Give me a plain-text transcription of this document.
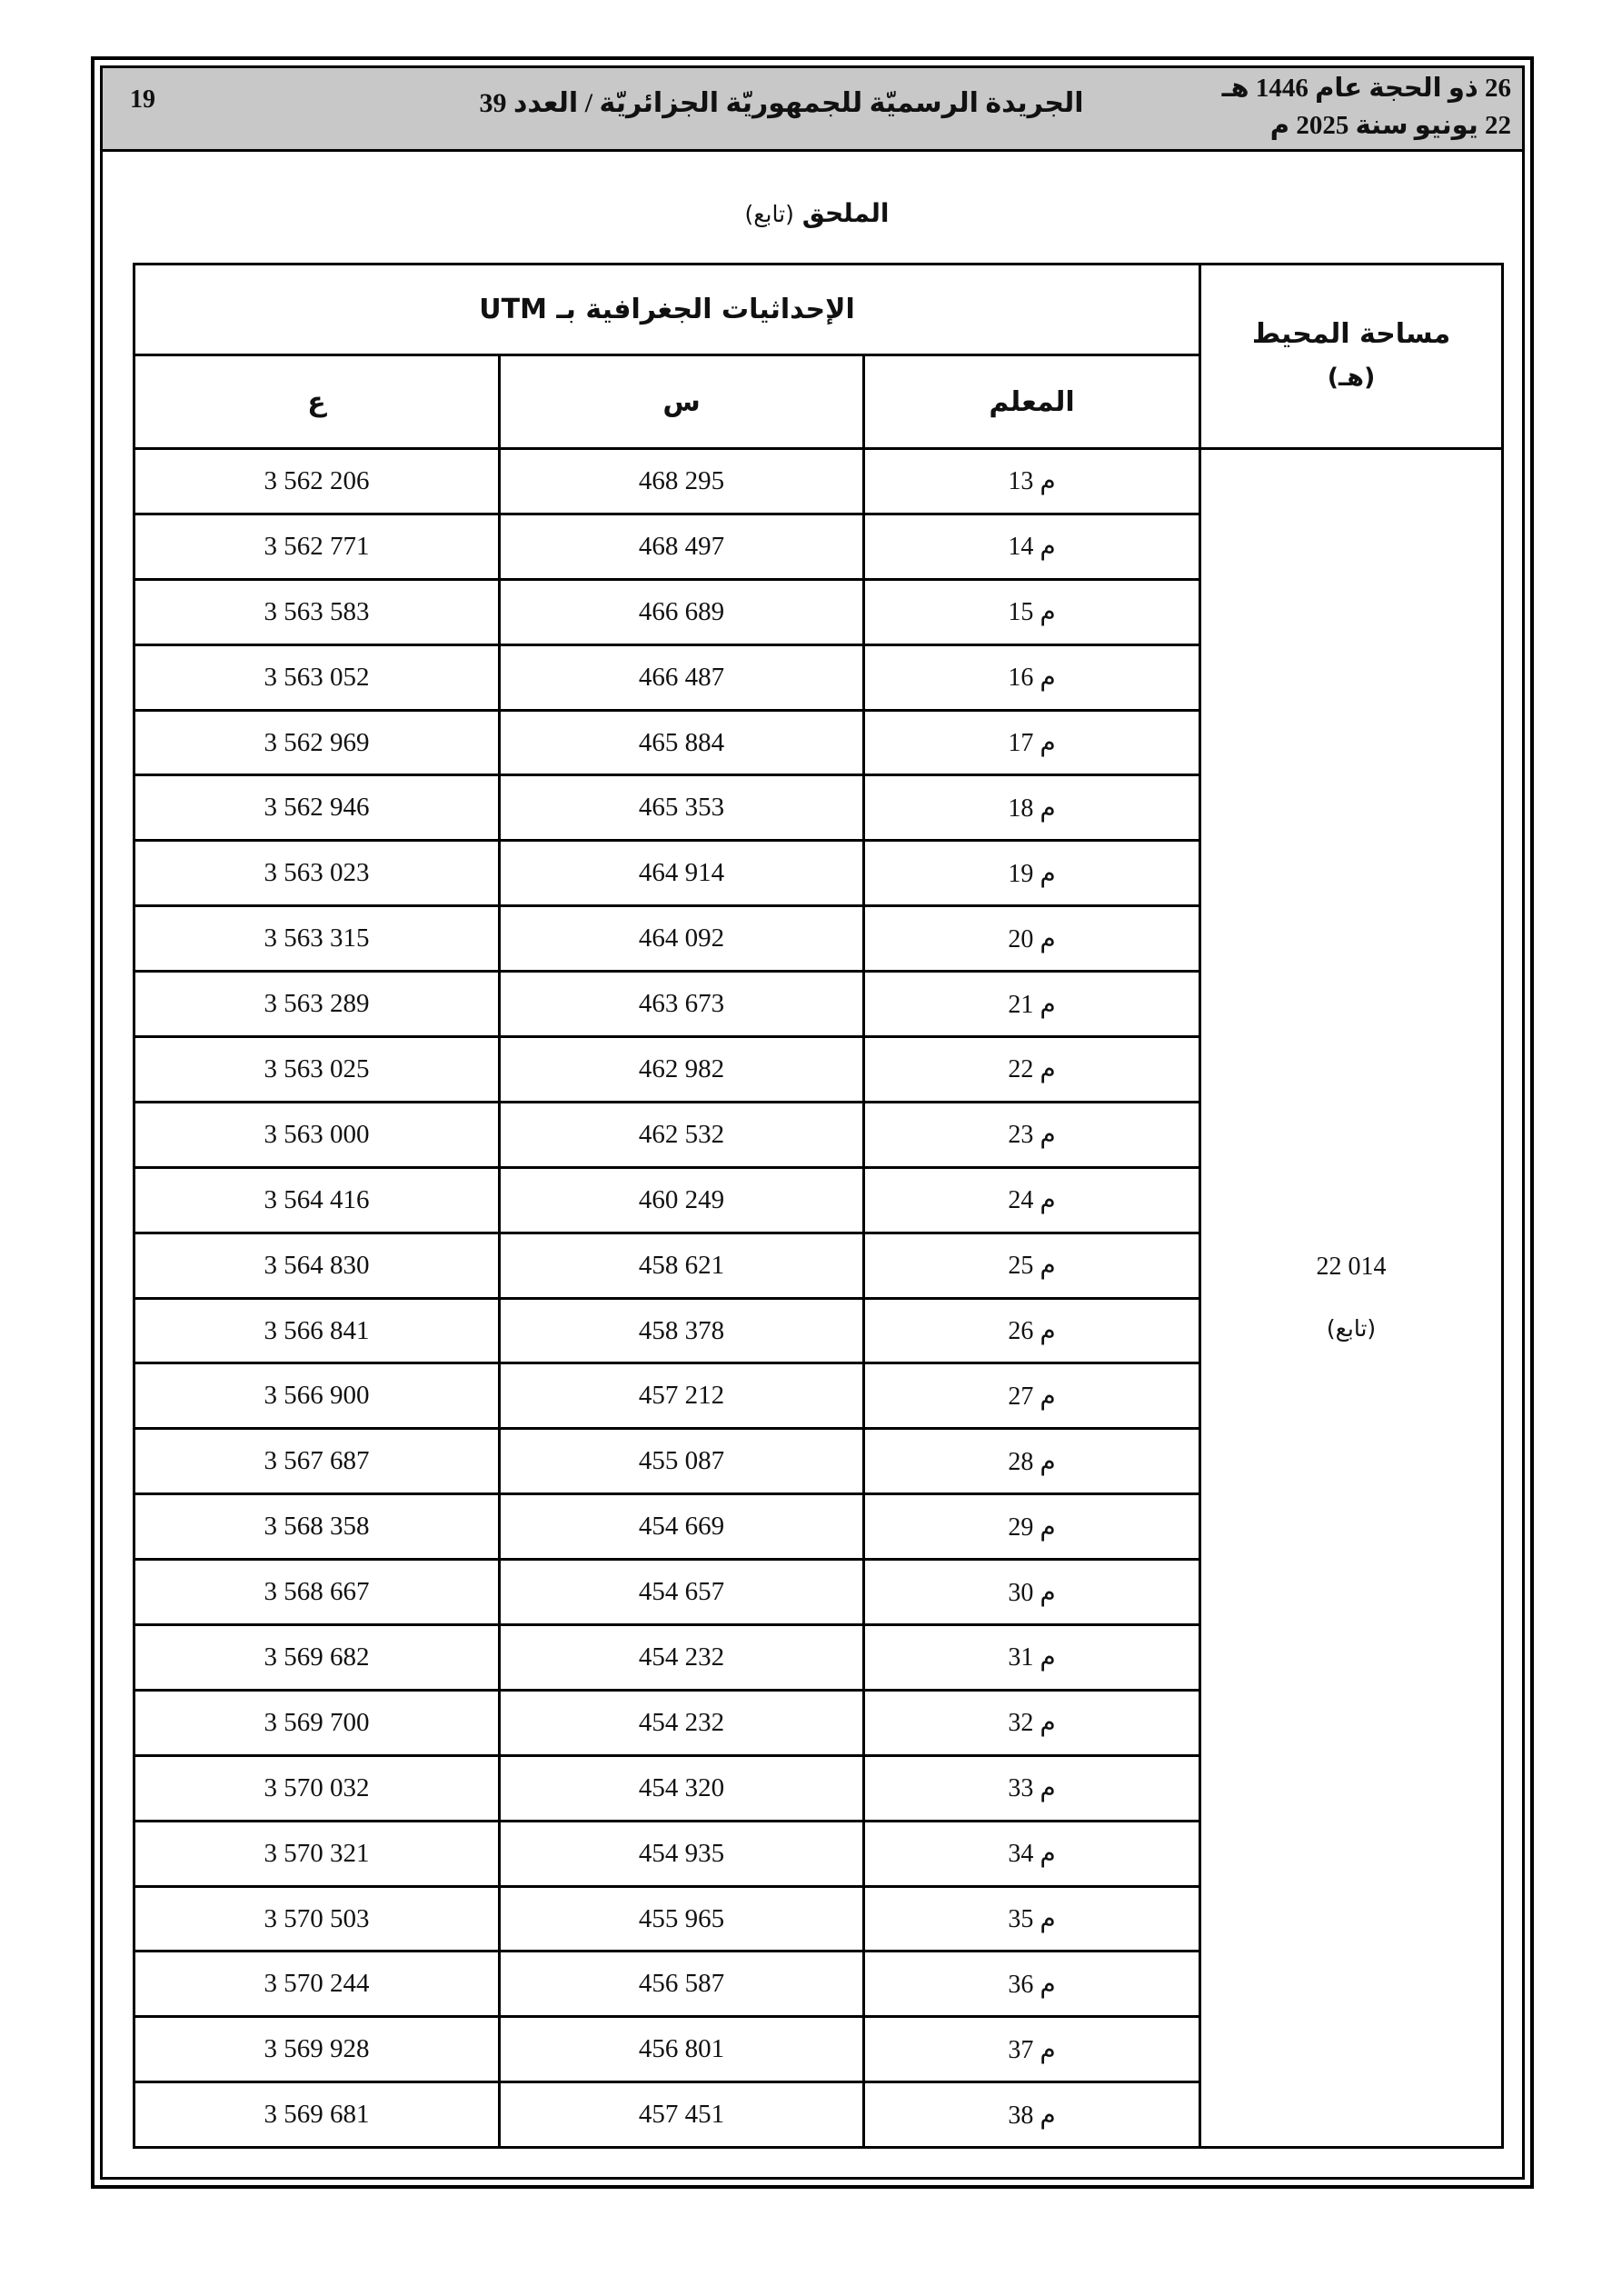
19	الجريدة الرسميّة للجمهوريّة الجزائريّة / العدد 39	26 ذو الحجة عام 1446 هـ
22 يونيو سنة 2025 م
الملحق (تابع)
مساحة المحيط
(هـ)	الإحداثيات الجغرافية بـ UTM		
	المعلم	س	ع

22 014
(تابع)	م 13	468 295	3 562 206
	م 14	468 497	3 562 771
	م 15	466 689	3 563 583
	م 16	466 487	3 563 052
	م 17	465 884	3 562 969
	م 18	465 353	3 562 946
	م 19	464 914	3 563 023
	م 20	464 092	3 563 315
	م 21	463 673	3 563 289
	م 22	462 982	3 563 025
	م 23	462 532	3 563 000
	م 24	460 249	3 564 416
	م 25	458 621	3 564 830
	م 26	458 378	3 566 841
	م 27	457 212	3 566 900
	م 28	455 087	3 567 687
	م 29	454 669	3 568 358
	م 30	454 657	3 568 667
	م 31	454 232	3 569 682
	م 32	454 232	3 569 700
	م 33	454 320	3 570 032
	م 34	454 935	3 570 321
	م 35	455 965	3 570 503
	م 36	456 587	3 570 244
	م 37	456 801	3 569 928
	م 38	457 451	3 569 681
